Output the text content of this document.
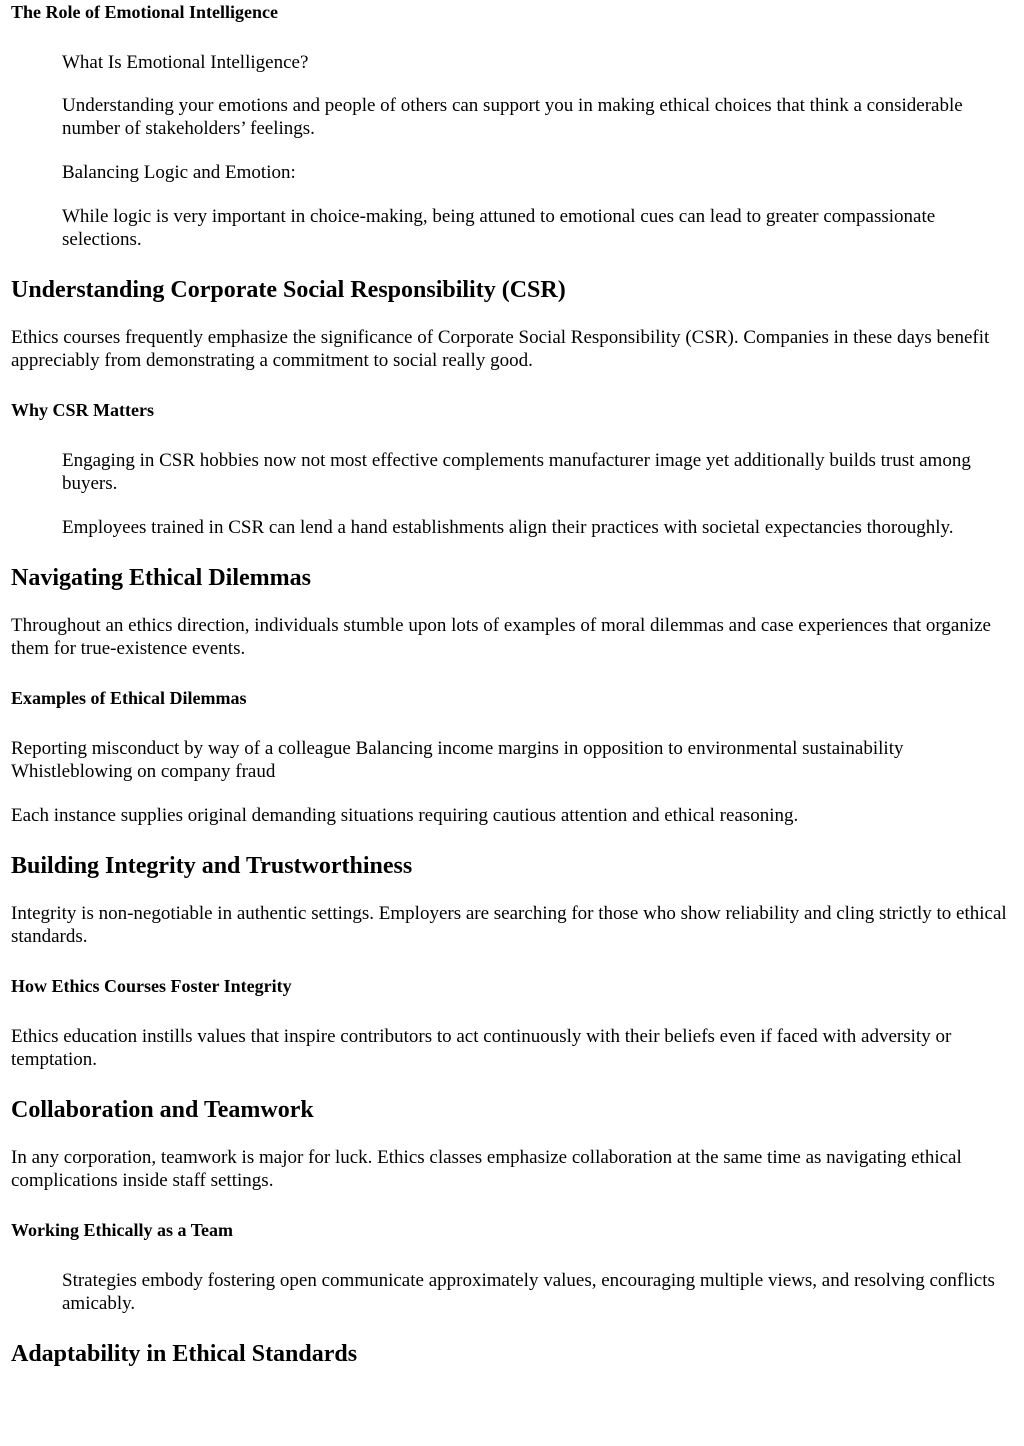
The Role of Emotional Intelligence

What Is Emotional Intelligence?

Understanding your emotions and people of others can support you in making ethical choices that think a considerable number of stakeholders’ feelings.

Balancing Logic and Emotion:

While logic is very important in choice-making, being attuned to emotional cues can lead to greater compassionate selections.

Understanding Corporate Social Responsibility (CSR)

Ethics courses frequently emphasize the significance of Corporate Social Responsibility (CSR). Companies in these days benefit appreciably from demonstrating a commitment to social really good.

Why CSR Matters

Engaging in CSR hobbies now not most effective complements manufacturer image yet additionally builds trust among buyers.

Employees trained in CSR can lend a hand establishments align their practices with societal expectancies thoroughly.

Navigating Ethical Dilemmas

Throughout an ethics direction, individuals stumble upon lots of examples of moral dilemmas and case experiences that organize them for true-existence events.

Examples of Ethical Dilemmas

Reporting misconduct by way of a colleague Balancing income margins in opposition to environmental sustainability Whistleblowing on company fraud

Each instance supplies original demanding situations requiring cautious attention and ethical reasoning.

Building Integrity and Trustworthiness

Integrity is non-negotiable in authentic settings. Employers are searching for those who show reliability and cling strictly to ethical standards.

How Ethics Courses Foster Integrity

Ethics education instills values that inspire contributors to act continuously with their beliefs even if faced with adversity or temptation.

Collaboration and Teamwork

In any corporation, teamwork is major for luck. Ethics classes emphasize collaboration at the same time as navigating ethical complications inside staff settings.

Working Ethically as a Team

Strategies embody fostering open communicate approximately values, encouraging multiple views, and resolving conflicts amicably.

Adaptability in Ethical Standards
